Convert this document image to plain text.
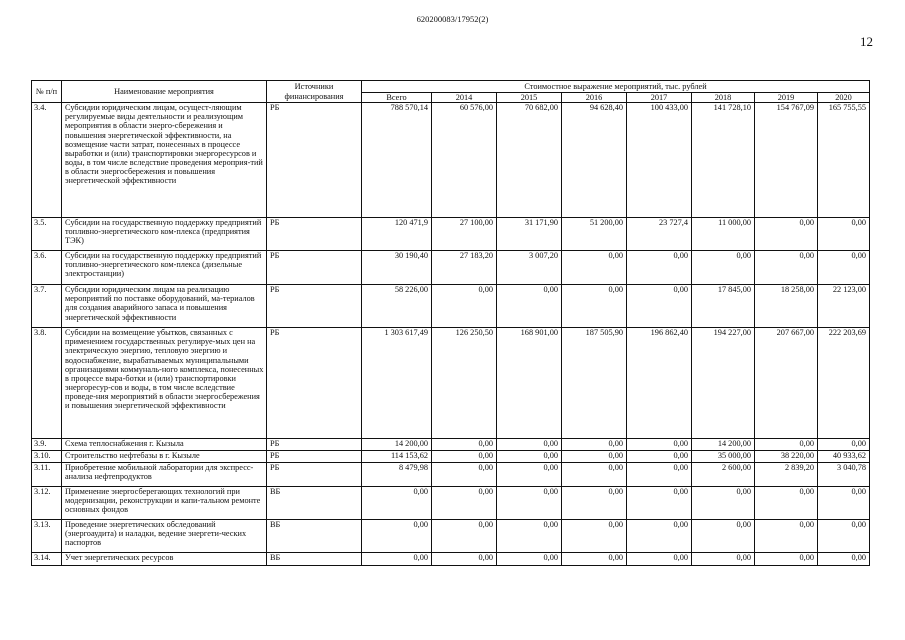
620200083/17952(2)
12
№ п/п	Наименование мероприятия	Источники финансирования	Стоимостное выражение мероприятий, тыс. рублей							
			Всего	2014	2015	2016	2017	2018	2019	2020
3.4.	Субсидии юридическим лицам, осущест-ляющим регулируемые виды деятельности и реализующим мероприятия в области энерго-сбережения и повышения энергетической эффективности, на возмещение части затрат, понесенных в процессе выработки и (или) транспортировки энергоресурсов и воды, в том числе вследствие проведения мероприя-тий в области энергосбережения и повышения энергетической эффективности	РБ	788 570,14	60 576,00	70 682,00	94 628,40	100 433,00	141 728,10	154 767,09	165 755,55
3.5.	Субсидии на государственную поддержку предприятий топливно-энергетического ком-плекса (предприятия ТЭК)	РБ	120 471,9	27 100,00	31 171,90	51 200,00	23 727,4	11 000,00	0,00	0,00
3.6.	Субсидии на государственную поддержку предприятий топливно-энергетического ком-плекса (дизельные электростанции)	РБ	30 190,40	27 183,20	3 007,20	0,00	0,00	0,00	0,00	0,00
3.7.	Субсидии юридическим лицам на реализацию мероприятий по поставке оборудований, ма-териалов для создания аварийного запаса и повышения энергетической эффективности	РБ	58 226,00	0,00	0,00	0,00	0,00	17 845,00	18 258,00	22 123,00
3.8.	Субсидии на возмещение убытков, связанных с применением государственных регулируе-мых цен на электрическую энергию, тепловую энергию и водоснабжение, вырабатываемых муниципальными организациями коммуналь-ного комплекса, понесенных в процессе выра-ботки и (или) транспортировки энергоресур-сов и воды, в том числе вследствие проведе-ния мероприятий в области энергосбережения и повышения энергетической эффективности	РБ	1 303 617,49	126 250,50	168 901,00	187 505,90	196 862,40	194 227,00	207 667,00	222 203,69
3.9.	Схема теплоснабжения г. Кызыла	РБ	14 200,00	0,00	0,00	0,00	0,00	14 200,00	0,00	0,00
3.10.	Строительство нефтебазы в г. Кызыле	РБ	114 153,62	0,00	0,00	0,00	0,00	35 000,00	38 220,00	40 933,62
3.11.	Приобретение мобильной лаборатории для экспресс-анализа нефтепродуктов	РБ	8 479,98	0,00	0,00	0,00	0,00	2 600,00	2 839,20	3 040,78
3.12.	Применение энергосберегающих технологий при модернизации, реконструкции и капи-тальном ремонте основных фондов	ВБ	0,00	0,00	0,00	0,00	0,00	0,00	0,00	0,00
3.13.	Проведение энергетических обследований (энергоаудита) и наладки, ведение энергети-ческих паспортов	ВБ	0,00	0,00	0,00	0,00	0,00	0,00	0,00	0,00
3.14.	Учет энергетических ресурсов	ВБ	0,00	0,00	0,00	0,00	0,00	0,00	0,00	0,00
